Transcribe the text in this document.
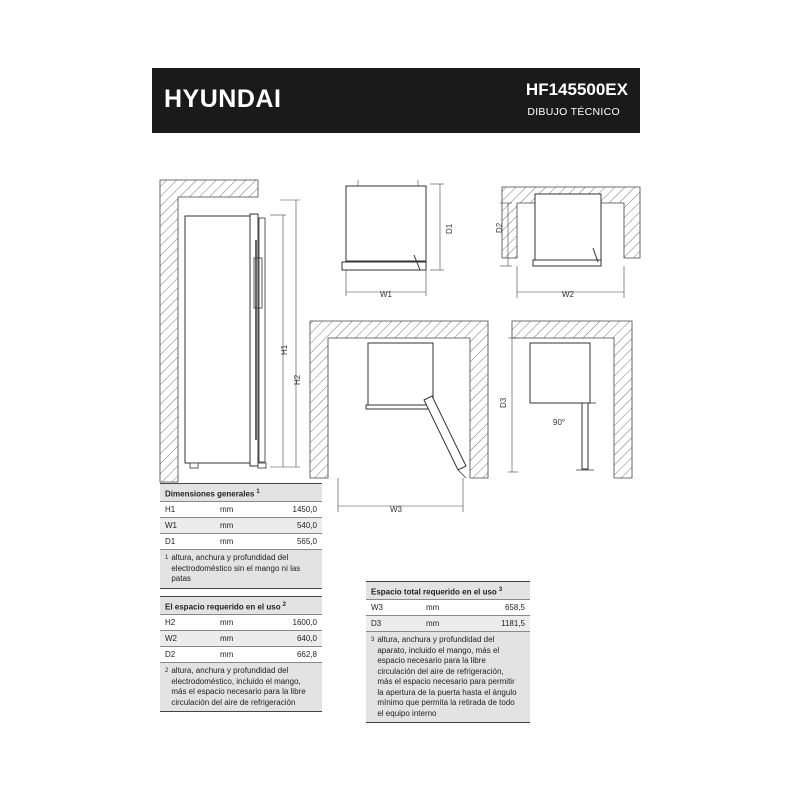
HYUNDAI	HF145500EX
DIBUJO TÉCNICO
H1
H2
W1
D1
W2
D2
W3
D3
90°
Dimensiones generales $^1$
H1	mm	1450,0
W1	mm	540,0
D1	mm	565,0
$^1$ altura, anchura y profundidad del electrodoméstico sin el mango ni las patas
El espacio requerido en el uso $^2$
H2	mm	1600,0
W2	mm	640,0
D2	mm	662,8
$^2$ altura, anchura y profundidad del electrodoméstico, incluido el mango, más el espacio necesario para la libre circulación del aire de refrigeración
Espacio total requerido en el uso $^3$
W3	mm	658,5
D3	mm	1181,5
$^3$ altura, anchura y profundidad del aparato, incluido el mango, más el espacio necesario para la libre circulación del aire de refrigeración, más el espacio necesario para permitir la apertura de la puerta hasta el ángulo mínimo que permita la retirada de todo el equipo interno
